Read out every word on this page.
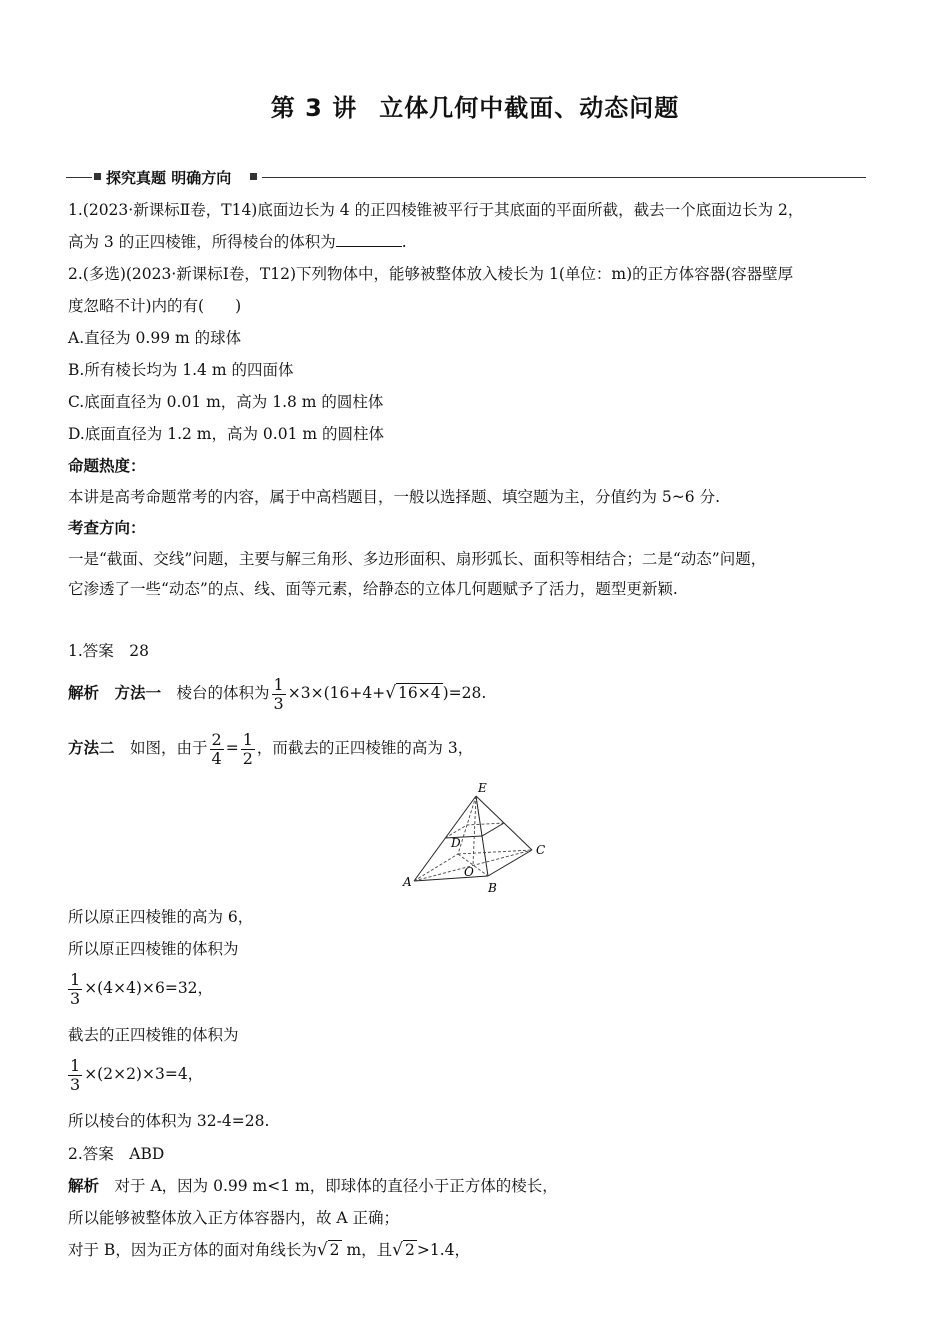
第 3 讲 立体几何中截面、动态问题
探究真题 明确方向
1.(2023·新课标Ⅱ卷，T14)底面边长为 4 的正四棱锥被平行于其底面的平面所截，截去一个底面边长为 2，
高为 3 的正四棱锥，所得棱台的体积为	.
2.(多选)(2023·新课标Ⅰ卷，T12)下列物体中，能够被整体放入棱长为 1(单位：m)的正方体容器(容器壁厚
度忽略不计)内的有(　　)
A.直径为 0.99 m 的球体
B.所有棱长均为 1.4 m 的四面体
C.底面直径为 0.01 m，高为 1.8 m 的圆柱体
D.底面直径为 1.2 m，高为 0.01 m 的圆柱体
命题热度：
本讲是高考命题常考的内容，属于中高档题目，一般以选择题、填空题为主，分值约为 5~6 分.
考查方向：
一是“截面、交线”问题，主要与解三角形、多边形面积、扇形弧长、面积等相结合；二是“动态”问题，
它渗透了一些“动态”的点、线、面等元素，给静态的立体几何题赋予了活力，题型更新颖.
1.答案　28
解析　方法一　 棱台的体积为 $\frac{1}{3} \times 3\times(16+4+√$ 16×4 )=28.
方法二　 如图，由于 $\frac{2}{4} = \frac{1}{2}$ ，而截去的正四棱锥的高为 3，
E
D	C
O
A	B
所以原正四棱锥的高为 6，
所以原正四棱锥的体积为
$\frac{1}{3} \times(4\times 4)\times 6=32$，
截去的正四棱锥的体积为
$\frac{1}{3} \times(2\times 2)\times 3=4$，
所以棱台的体积为 32-4=28.
2.答案　ABD
解析　 对于 A，因为 0.99 m<1 m，即球体的直径小于正方体的棱长，
所以能够被整体放入正方体容器内，故 A 正确；
对于 B，因为正方体的面对角线长为√ 2 m，且√ 2 >1.4，
